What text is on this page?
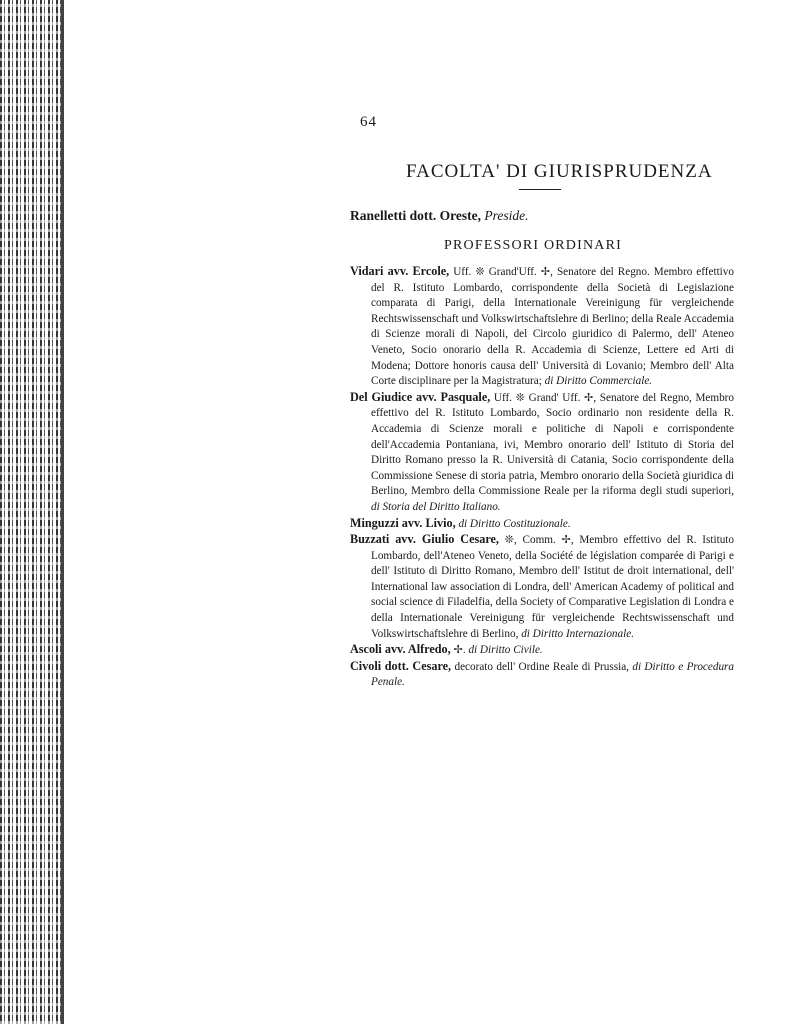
64
FACOLTA' DI GIURISPRUDENZA
Ranelletti dott. Oreste, Preside.
PROFESSORI ORDINARI
Vidari avv. Ercole, Uff. ❊ Grand'Uff. ✢, Senatore del Regno. Membro effettivo del R. Istituto Lombardo, corrispondente della Società di Legislazione comparata di Parigi, della Internationale Vereinigung für vergleichende Rechtswissenschaft und Volkswirtschaftslehre di Berlino; della Reale Accademia di Scienze morali di Napoli, del Circolo giuridico di Palermo, dell' Ateneo Veneto, Socio onorario della R. Accademia di Scienze, Lettere ed Arti di Modena; Dottore honoris causa dell' Università di Lovanio; Membro dell' Alta Corte disciplinare per la Magistratura; di Diritto Commerciale.
Del Giudice avv. Pasquale, Uff. ❊ Grand' Uff. ✢, Senatore del Regno, Membro effettivo del R. Istituto Lombardo, Socio ordinario non residente della R. Accademia di Scienze morali e politiche di Napoli e corrispondente dell'Accademia Pontaniana, ivi, Membro onorario dell' Istituto di Storia del Diritto Romano presso la R. Università di Catania, Socio corrispondente della Commissione Senese di storia patria, Membro onorario della Società giuridica di Berlino, Membro della Commissione Reale per la riforma degli studi superiori, di Storia del Diritto Italiano.
Minguzzi avv. Livio, di Diritto Costituzionale.
Buzzati avv. Giulio Cesare, ❊, Comm. ✢, Membro effettivo del R. Istituto Lombardo, dell'Ateneo Veneto, della Société de législation comparée di Parigi e dell' Istituto di Diritto Romano, Membro dell' Istitut de droit international, dell' International law association di Londra, dell' American Academy of political and social science di Filadelfia, della Society of Comparative Legislation di Londra e della Internationale Vereinigung für vergleichende Rechtswissenschaft und Volkswirtschaftslehre di Berlino, di Diritto Internazionale.
Ascoli avv. Alfredo, ✢. di Diritto Civile.
Civoli dott. Cesare, decorato dell' Ordine Reale di Prussia, di Diritto e Procedura Penale.
